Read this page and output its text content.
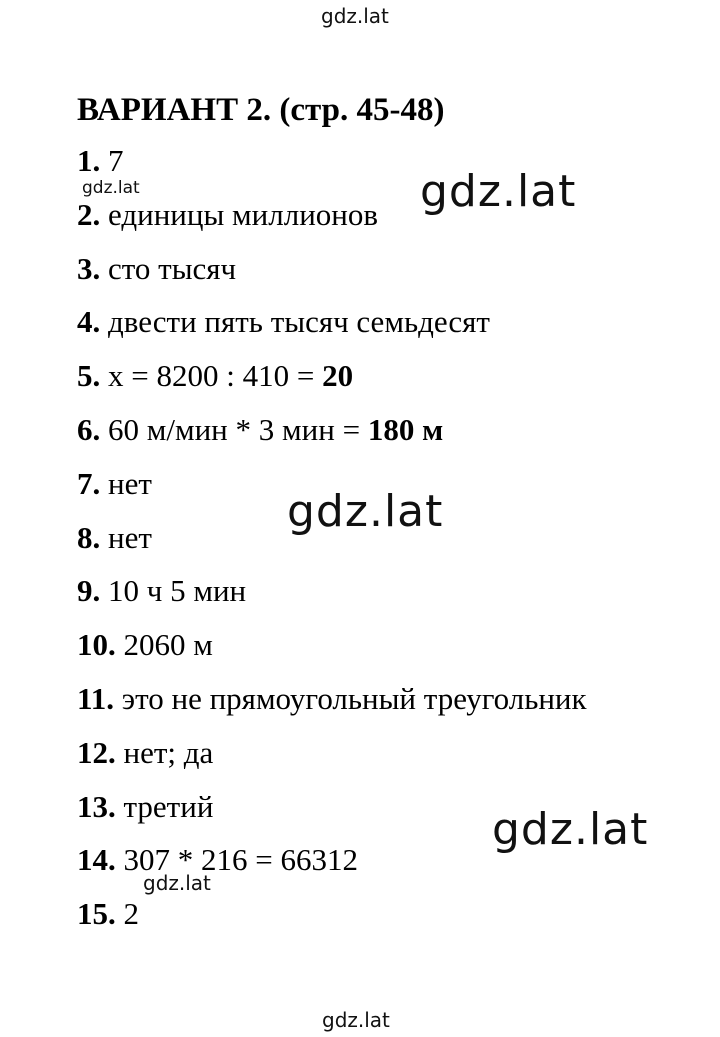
gdz.lat
ВАРИАНТ 2. (стр. 45-48)
1. 7
2. единицы миллионов
3. сто тысяч
4. двести пять тысяч семьдесят
5. x = 8200 : 410 = 20
6. 60 м/мин * 3 мин = 180 м
7. нет
8. нет
9. 10 ч 5 мин
10. 2060 м
11. это не прямоугольный треугольник
12. нет; да
13. третий
14. 307 * 216 = 66312
15. 2
gdz.lat
gdz.lat
gdz.lat
gdz.lat
gdz.lat
gdz.lat
